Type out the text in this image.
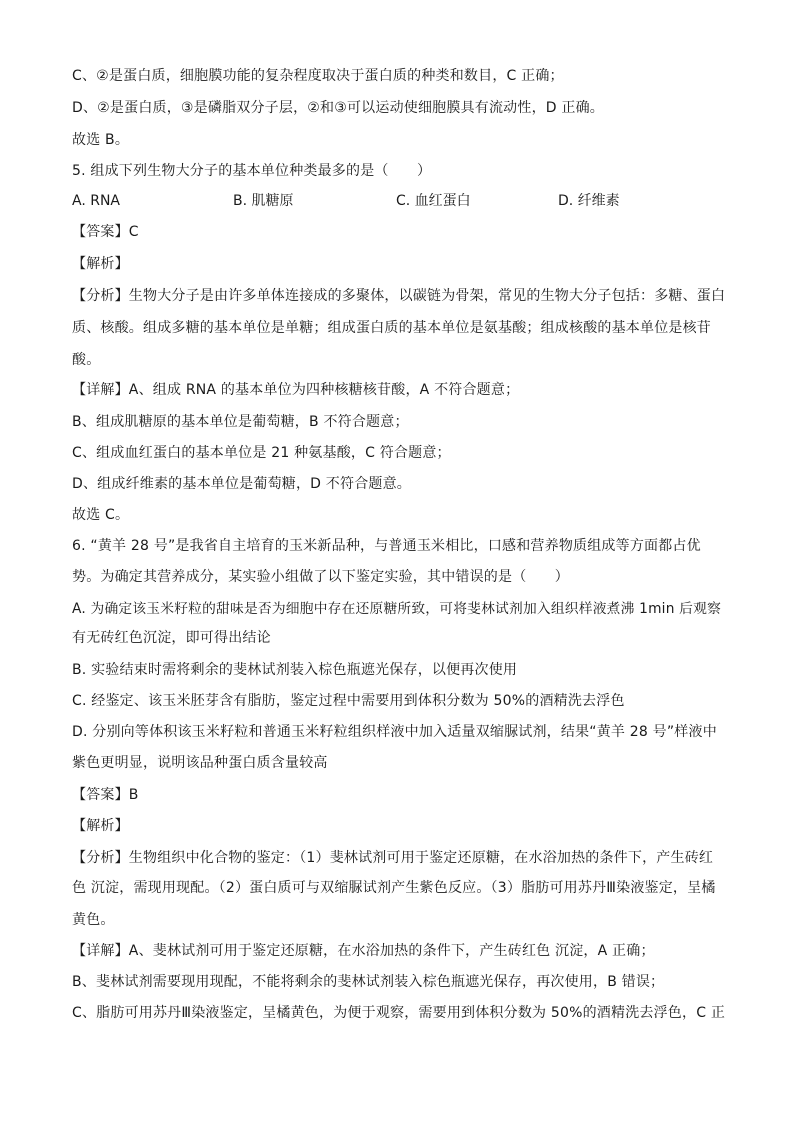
C、②是蛋白质，细胞膜功能的复杂程度取决于蛋白质的种类和数目，C 正确；
D、②是蛋白质，③是磷脂双分子层，②和③可以运动使细胞膜具有流动性，D 正确。
故选 B。
5. 组成下列生物大分子的基本单位种类最多的是（　　）
A. RNA	B. 肌糖原	C. 血红蛋白	D. 纤维素
【答案】C
【解析】
【分析】生物大分子是由许多单体连接成的多聚体，以碳链为骨架，常见的生物大分子包括：多糖、蛋白
质、核酸。组成多糖的基本单位是单糖；组成蛋白质的基本单位是氨基酸；组成核酸的基本单位是核苷
酸。
【详解】A、组成 RNA 的基本单位为四种核糖核苷酸，A 不符合题意；
B、组成肌糖原的基本单位是葡萄糖，B 不符合题意；
C、组成血红蛋白的基本单位是 21 种氨基酸，C 符合题意；
D、组成纤维素的基本单位是葡萄糖，D 不符合题意。
故选 C。
6. “黄羊 28 号”是我省自主培育的玉米新品种，与普通玉米相比，口感和营养物质组成等方面都占优
势。为确定其营养成分，某实验小组做了以下鉴定实验，其中错误的是（　　）
A. 为确定该玉米籽粒的甜味是否为细胞中存在还原糖所致，可将斐林试剂加入组织样液煮沸 1min 后观察
有无砖红色沉淀，即可得出结论
B. 实验结束时需将剩余的斐林试剂装入棕色瓶遮光保存，以便再次使用
C. 经鉴定、该玉米胚芽含有脂肪，鉴定过程中需要用到体积分数为 50%的酒精洗去浮色
D. 分别向等体积该玉米籽粒和普通玉米籽粒组织样液中加入适量双缩脲试剂，结果“黄羊 28 号”样液中
紫色更明显，说明该品种蛋白质含量较高
【答案】B
【解析】
【分析】生物组织中化合物的鉴定：（1）斐林试剂可用于鉴定还原糖，在水浴加热的条件下，产生砖红
色 沉淀，需现用现配。（2）蛋白质可与双缩脲试剂产生紫色反应。（3）脂肪可用苏丹Ⅲ染液鉴定，呈橘
黄色。
【详解】A、斐林试剂可用于鉴定还原糖，在水浴加热的条件下，产生砖红色 沉淀，A 正确；
B、斐林试剂需要现用现配，不能将剩余的斐林试剂装入棕色瓶遮光保存，再次使用，B 错误；
C、脂肪可用苏丹Ⅲ染液鉴定，呈橘黄色，为便于观察，需要用到体积分数为 50%的酒精洗去浮色，C 正
